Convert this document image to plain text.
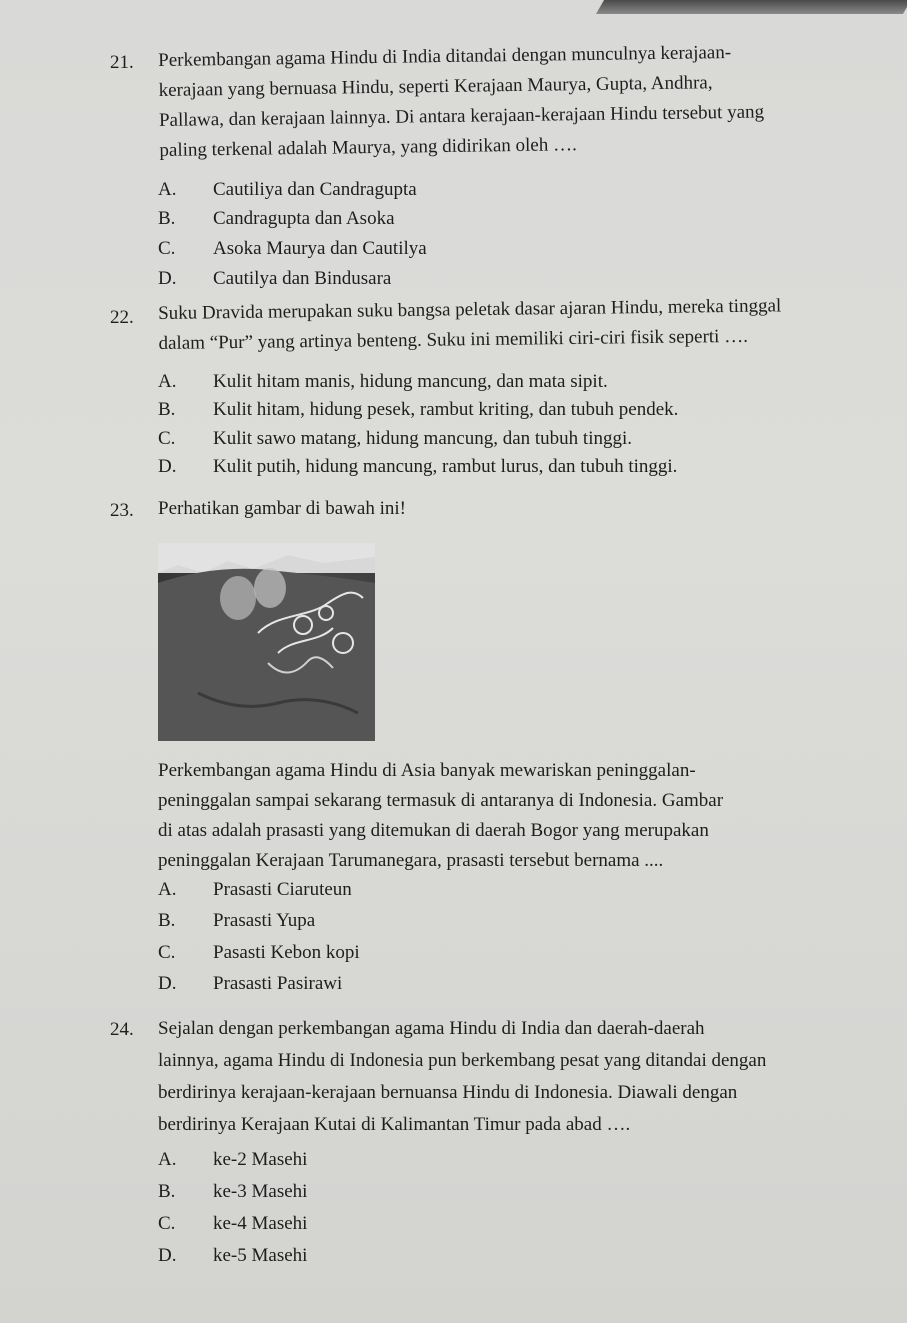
21. Perkembangan agama Hindu di India ditandai dengan munculnya kerajaan-
kerajaan yang bernuasa Hindu, seperti Kerajaan Maurya, Gupta, Andhra,
Pallawa, dan kerajaan lainnya. Di antara kerajaan-kerajaan Hindu tersebut yang
paling terkenal adalah Maurya, yang didirikan oleh ….
A. Cautiliya dan Candragupta
B. Candragupta dan Asoka
C. Asoka Maurya dan Cautilya
D. Cautilya dan Bindusara
22. Suku Dravida merupakan suku bangsa peletak dasar ajaran Hindu, mereka tinggal
dalam “Pur” yang artinya benteng. Suku ini memiliki ciri-ciri fisik seperti ….
A. Kulit hitam manis, hidung mancung, dan mata sipit.
B. Kulit hitam, hidung pesek, rambut kriting, dan tubuh pendek.
C. Kulit sawo matang, hidung mancung, dan tubuh tinggi.
D. Kulit putih, hidung mancung, rambut lurus, dan tubuh tinggi.
23. Perhatikan gambar di bawah ini!
Perkembangan agama Hindu di Asia banyak mewariskan peninggalan-
peninggalan sampai sekarang termasuk di antaranya di Indonesia. Gambar
di atas adalah prasasti yang ditemukan di daerah Bogor yang merupakan
peninggalan Kerajaan Tarumanegara, prasasti tersebut bernama ....
A. Prasasti Ciaruteun
B. Prasasti Yupa
C. Pasasti Kebon kopi
D. Prasasti Pasirawi
24. Sejalan dengan perkembangan agama Hindu di India dan daerah-daerah
lainnya, agama Hindu di Indonesia pun berkembang pesat yang ditandai dengan
berdirinya kerajaan-kerajaan bernuansa Hindu di Indonesia. Diawali dengan
berdirinya Kerajaan Kutai di Kalimantan Timur pada abad ….
A. ke-2 Masehi
B. ke-3 Masehi
C. ke-4 Masehi
D. ke-5 Masehi
